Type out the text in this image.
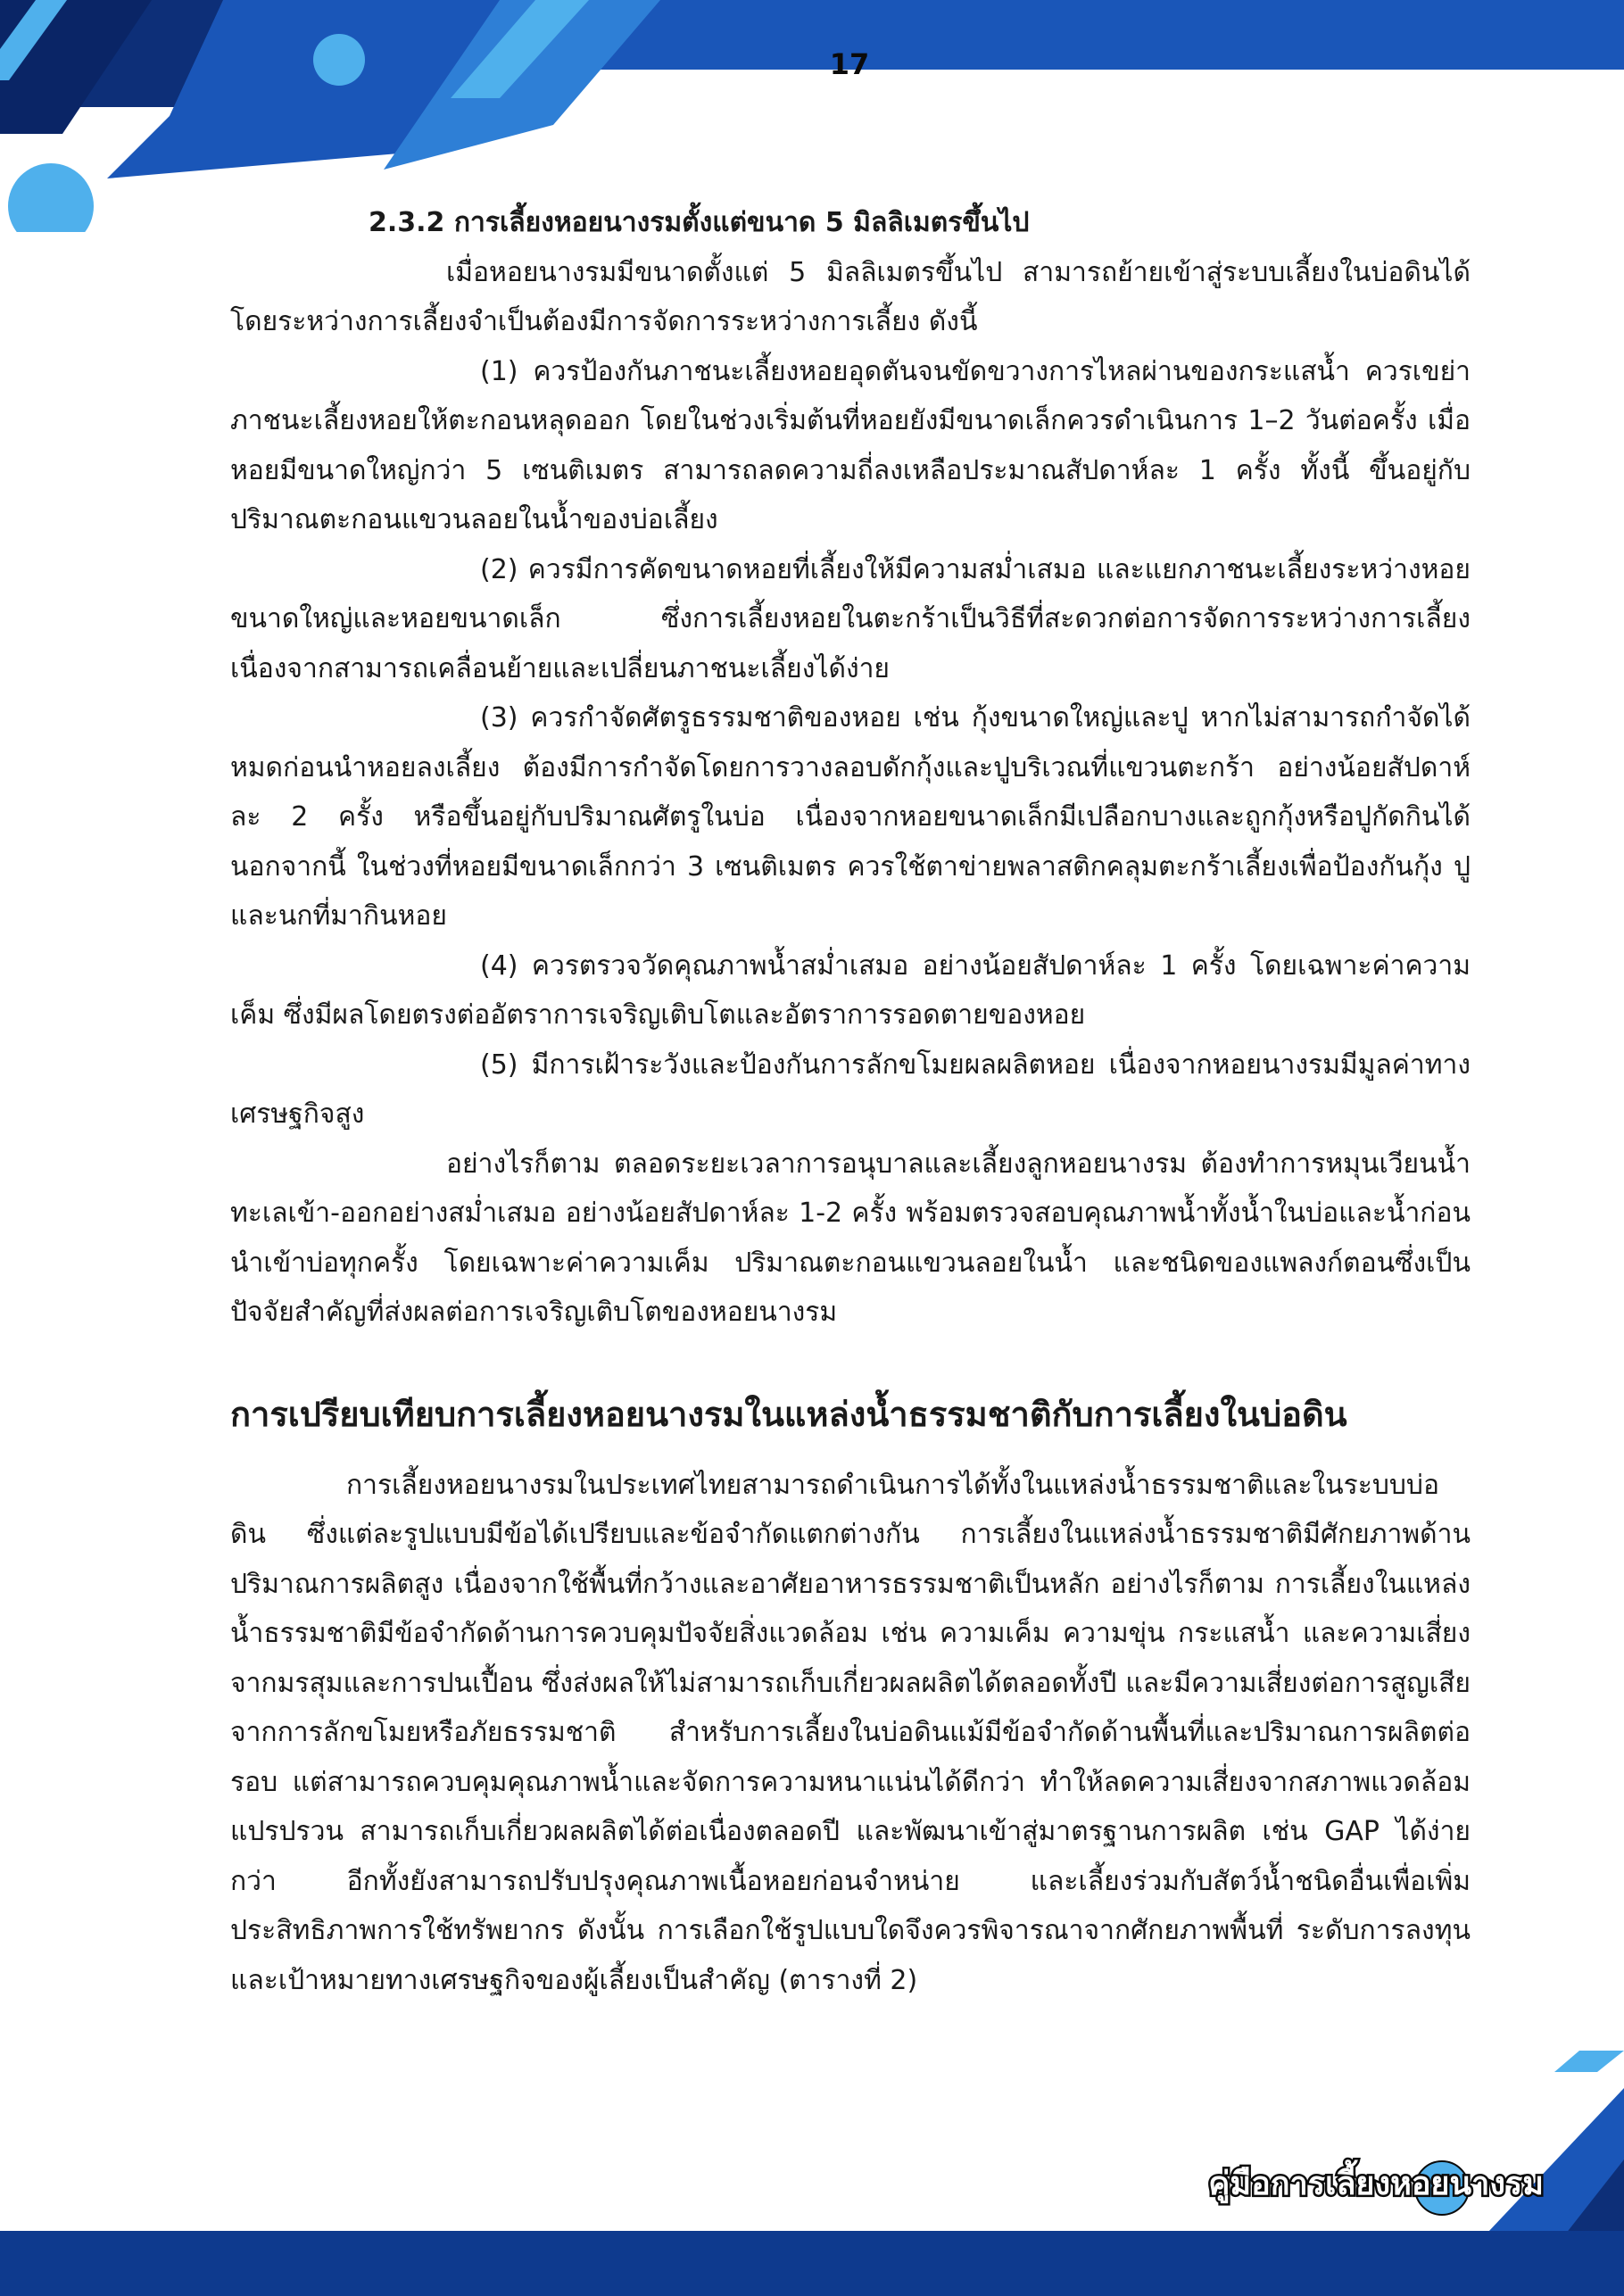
17

2.3.2 การเลี้ยงหอยนางรมตั้งแต่ขนาด 5 มิลลิเมตรขึ้นไป

เมื่อหอยนางรมมีขนาดตั้งแต่ 5 มิลลิเมตรขึ้นไป สามารถย้ายเข้าสู่ระบบเลี้ยงในบ่อดินได้ โดยระหว่างการเลี้ยงจำเป็นต้องมีการจัดการระหว่างการเลี้ยง ดังนี้

(1) ควรป้องกันภาชนะเลี้ยงหอยอุดตันจนขัดขวางการไหลผ่านของกระแสน้ำ ควรเขย่าภาชนะเลี้ยงหอยให้ตะกอนหลุดออก โดยในช่วงเริ่มต้นที่หอยยังมีขนาดเล็กควรดำเนินการ 1–2 วันต่อครั้ง เมื่อหอยมีขนาดใหญ่กว่า 5 เซนติเมตร สามารถลดความถี่ลงเหลือประมาณสัปดาห์ละ 1 ครั้ง ทั้งนี้ ขึ้นอยู่กับปริมาณตะกอนแขวนลอยในน้ำของบ่อเลี้ยง

(2) ควรมีการคัดขนาดหอยที่เลี้ยงให้มีความสม่ำเสมอ และแยกภาชนะเลี้ยงระหว่างหอยขนาดใหญ่และหอยขนาดเล็ก ซึ่งการเลี้ยงหอยในตะกร้าเป็นวิธีที่สะดวกต่อการจัดการระหว่างการเลี้ยง เนื่องจากสามารถเคลื่อนย้ายและเปลี่ยนภาชนะเลี้ยงได้ง่าย

(3) ควรกำจัดศัตรูธรรมชาติของหอย เช่น กุ้งขนาดใหญ่และปู หากไม่สามารถกำจัดได้หมดก่อนนำหอยลงเลี้ยง ต้องมีการกำจัดโดยการวางลอบดักกุ้งและปูบริเวณที่แขวนตะกร้า อย่างน้อยสัปดาห์ละ 2 ครั้ง หรือขึ้นอยู่กับปริมาณศัตรูในบ่อ เนื่องจากหอยขนาดเล็กมีเปลือกบางและถูกกุ้งหรือปูกัดกินได้ นอกจากนี้ ในช่วงที่หอยมีขนาดเล็กกว่า 3 เซนติเมตร ควรใช้ตาข่ายพลาสติกคลุมตะกร้าเลี้ยงเพื่อป้องกันกุ้ง ปู และนกที่มากินหอย

(4) ควรตรวจวัดคุณภาพน้ำสม่ำเสมอ อย่างน้อยสัปดาห์ละ 1 ครั้ง โดยเฉพาะค่าความเค็ม ซึ่งมีผลโดยตรงต่ออัตราการเจริญเติบโตและอัตราการรอดตายของหอย

(5) มีการเฝ้าระวังและป้องกันการลักขโมยผลผลิตหอย เนื่องจากหอยนางรมมีมูลค่าทางเศรษฐกิจสูง

อย่างไรก็ตาม ตลอดระยะเวลาการอนุบาลและเลี้ยงลูกหอยนางรม ต้องทำการหมุนเวียนน้ำทะเลเข้า-ออกอย่างสม่ำเสมอ อย่างน้อยสัปดาห์ละ 1-2 ครั้ง พร้อมตรวจสอบคุณภาพน้ำทั้งน้ำในบ่อและน้ำก่อนนำเข้าบ่อทุกครั้ง โดยเฉพาะค่าความเค็ม ปริมาณตะกอนแขวนลอยในน้ำ และชนิดของแพลงก์ตอนซึ่งเป็นปัจจัยสำคัญที่ส่งผลต่อการเจริญเติบโตของหอยนางรม

การเปรียบเทียบการเลี้ยงหอยนางรมในแหล่งน้ำธรรมชาติกับการเลี้ยงในบ่อดิน

การเลี้ยงหอยนางรมในประเทศไทยสามารถดำเนินการได้ทั้งในแหล่งน้ำธรรมชาติและในระบบบ่อดิน ซึ่งแต่ละรูปแบบมีข้อได้เปรียบและข้อจำกัดแตกต่างกัน การเลี้ยงในแหล่งน้ำธรรมชาติมีศักยภาพด้านปริมาณการผลิตสูง เนื่องจากใช้พื้นที่กว้างและอาศัยอาหารธรรมชาติเป็นหลัก อย่างไรก็ตาม การเลี้ยงในแหล่งน้ำธรรมชาติมีข้อจำกัดด้านการควบคุมปัจจัยสิ่งแวดล้อม เช่น ความเค็ม ความขุ่น กระแสน้ำ และความเสี่ยงจากมรสุมและการปนเปื้อน ซึ่งส่งผลให้ไม่สามารถเก็บเกี่ยวผลผลิตได้ตลอดทั้งปี และมีความเสี่ยงต่อการสูญเสียจากการลักขโมยหรือภัยธรรมชาติ สำหรับการเลี้ยงในบ่อดินแม้มีข้อจำกัดด้านพื้นที่และปริมาณการผลิตต่อรอบ แต่สามารถควบคุมคุณภาพน้ำและจัดการความหนาแน่นได้ดีกว่า ทำให้ลดความเสี่ยงจากสภาพแวดล้อมแปรปรวน สามารถเก็บเกี่ยวผลผลิตได้ต่อเนื่องตลอดปี และพัฒนาเข้าสู่มาตรฐานการผลิต เช่น GAP ได้ง่ายกว่า อีกทั้งยังสามารถปรับปรุงคุณภาพเนื้อหอยก่อนจำหน่าย และเลี้ยงร่วมกับสัตว์น้ำชนิดอื่นเพื่อเพิ่มประสิทธิภาพการใช้ทรัพยากร ดังนั้น การเลือกใช้รูปแบบใดจึงควรพิจารณาจากศักยภาพพื้นที่ ระดับการลงทุน และเป้าหมายทางเศรษฐกิจของผู้เลี้ยงเป็นสำคัญ (ตารางที่ 2)

คู่มือการเลี้ยงหอยนางรม
